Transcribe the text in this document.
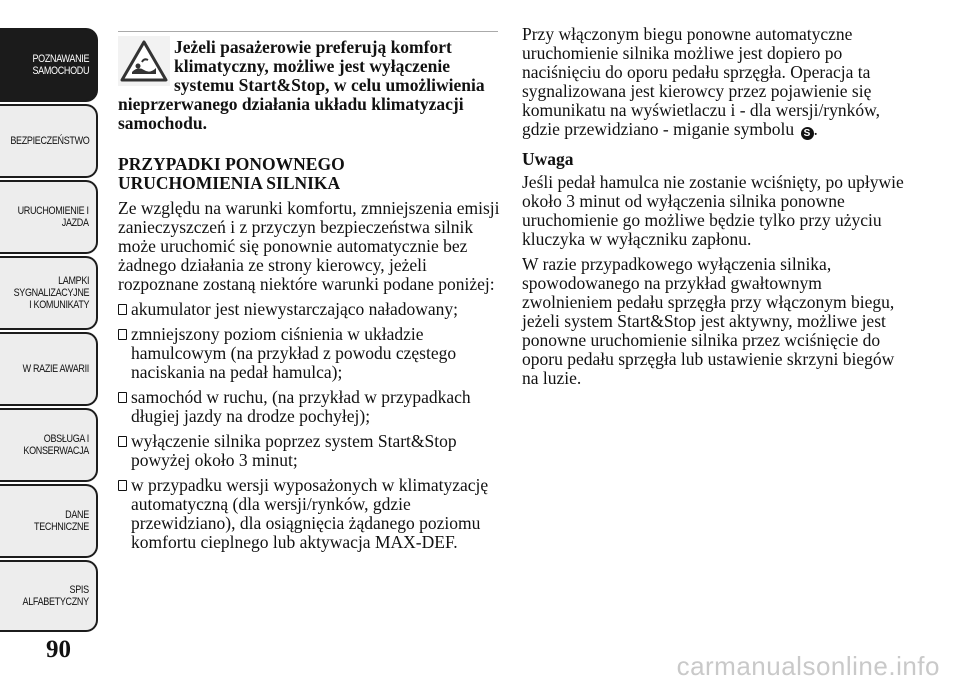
POZNAWANIE
SAMOCHODU
BEZPIECZEŃSTWO
URUCHOMIENIE I
JAZDA
LAMPKI
SYGNALIZACYJNE
I KOMUNIKATY
W RAZIE AWARII
OBSŁUGA I
KONSERWACJA
DANE
TECHNICZNE
SPIS
ALFABETYCZNY
90
Jeżeli pasażerowie preferują komfort
klimatyczny, możliwe jest wyłączenie
systemu Start&Stop, w celu umożliwienia
nieprzerwanego działania układu klimatyzacji
samochodu.
PRZYPADKI PONOWNEGO
URUCHOMIENIA SILNIKA

Ze względu na warunki komfortu, zmniejszenia emisji zanieczyszczeń i z przyczyn bezpieczeństwa silnik może uruchomić się ponownie automatycznie bez żadnego działania ze strony kierowcy, jeżeli rozpoznane zostaną niektóre warunki podane poniżej:

akumulator jest niewystarczająco naładowany;
zmniejszony poziom ciśnienia w układzie hamulcowym (na przykład z powodu częstego naciskania na pedał hamulca);
samochód w ruchu, (na przykład w przypadkach długiej jazdy na drodze pochyłej);
wyłączenie silnika poprzez system Start&Stop powyżej około 3 minut;
w przypadku wersji wyposażonych w klimatyzację automatyczną (dla wersji/rynków, gdzie przewidziano), dla osiągnięcia żądanego poziomu komfortu cieplnego lub aktywacja MAX-DEF.

Przy włączonym biegu ponowne automatyczne uruchomienie silnika możliwe jest dopiero po naciśnięciu do oporu pedału sprzęgła. Operacja ta sygnalizowana jest kierowcy przez pojawienie się komunikatu na wyświetlaczu i - dla wersji/rynków, gdzie przewidziano - miganie symbolu S .

Uwaga

Jeśli pedał hamulca nie zostanie wciśnięty, po upływie około 3 minut od wyłączenia silnika ponowne uruchomienie go możliwe będzie tylko przy użyciu kluczyka w wyłączniku zapłonu.

W razie przypadkowego wyłączenia silnika, spowodowanego na przykład gwałtownym zwolnieniem pedału sprzęgła przy włączonym biegu, jeżeli system Start&Stop jest aktywny, możliwe jest ponowne uruchomienie silnika przez wciśnięcie do oporu pedału sprzęgła lub ustawienie skrzyni biegów na luzie.

carmanualsonline.info
